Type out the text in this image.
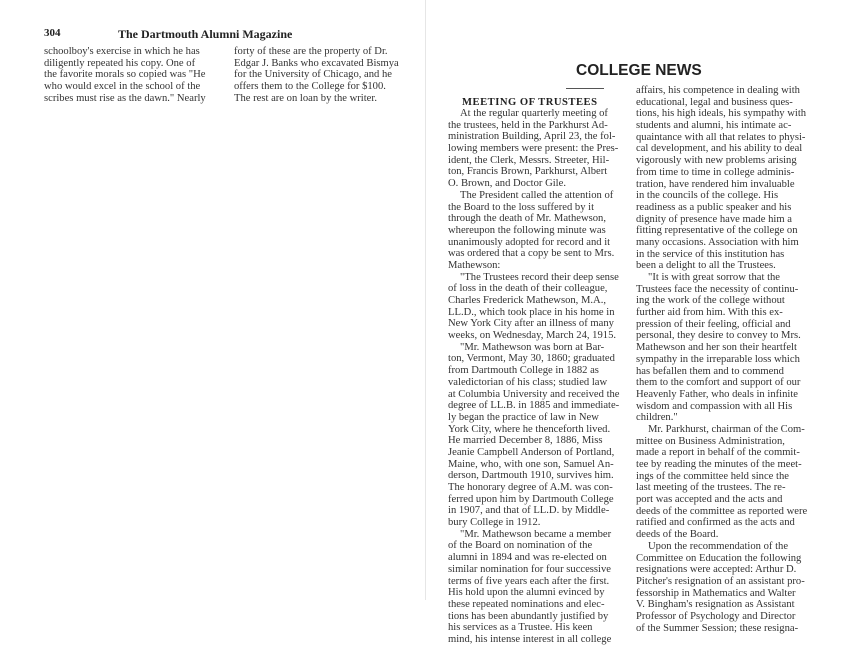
304	The Dartmouth Alumni Magazine
schoolboy's exercise in which he has
diligently repeated his copy. One of
the favorite morals so copied was "He
who would excel in the school of the
scribes must rise as the dawn." Nearly
forty of these are the property of Dr.
Edgar J. Banks who excavated Bismya
for the University of Chicago, and he
offers them to the College for $100.
The rest are on loan by the writer.
COLLEGE NEWS
MEETING OF TRUSTEES
At the regular quarterly meeting of
the trustees, held in the Parkhurst Ad-
ministration Building, April 23, the fol-
lowing members were present: the Pres-
ident, the Clerk, Messrs. Streeter, Hil-
ton, Francis Brown, Parkhurst, Albert
O. Brown, and Doctor Gile.
The President called the attention of
the Board to the loss suffered by it
through the death of Mr. Mathewson,
whereupon the following minute was
unanimously adopted for record and it
was ordered that a copy be sent to Mrs.
Mathewson:
"The Trustees record their deep sense
of loss in the death of their colleague,
Charles Frederick Mathewson, M.A.,
LL.D., which took place in his home in
New York City after an illness of many
weeks, on Wednesday, March 24, 1915.
"Mr. Mathewson was born at Bar-
ton, Vermont, May 30, 1860; graduated
from Dartmouth College in 1882 as
valedictorian of his class; studied law
at Columbia University and received the
degree of LL.B. in 1885 and immediate-
ly began the practice of law in New
York City, where he thenceforth lived.
He married December 8, 1886, Miss
Jeanie Campbell Anderson of Portland,
Maine, who, with one son, Samuel An-
derson, Dartmouth 1910, survives him.
The honorary degree of A.M. was con-
ferred upon him by Dartmouth College
in 1907, and that of LL.D. by Middle-
bury College in 1912.
"Mr. Mathewson became a member
of the Board on nomination of the
alumni in 1894 and was re-elected on
similar nomination for four successive
terms of five years each after the first.
His hold upon the alumni evinced by
these repeated nominations and elec-
tions has been abundantly justified by
his services as a Trustee. His keen
mind, his intense interest in all college
affairs, his competence in dealing with
educational, legal and business ques-
tions, his high ideals, his sympathy with
students and alumni, his intimate ac-
quaintance with all that relates to physi-
cal development, and his ability to deal
vigorously with new problems arising
from time to time in college adminis-
tration, have rendered him invaluable
in the councils of the college. His
readiness as a public speaker and his
dignity of presence have made him a
fitting representative of the college on
many occasions. Association with him
in the service of this institution has
been a delight to all the Trustees.
"It is with great sorrow that the
Trustees face the necessity of continu-
ing the work of the college without
further aid from him. With this ex-
pression of their feeling, official and
personal, they desire to convey to Mrs.
Mathewson and her son their heartfelt
sympathy in the irreparable loss which
has befallen them and to commend
them to the comfort and support of our
Heavenly Father, who deals in infinite
wisdom and compassion with all His
children."
Mr. Parkhurst, chairman of the Com-
mittee on Business Administration,
made a report in behalf of the commit-
tee by reading the minutes of the meet-
ings of the committee held since the
last meeting of the trustees. The re-
port was accepted and the acts and
deeds of the committee as reported were
ratified and confirmed as the acts and
deeds of the Board.
Upon the recommendation of the
Committee on Education the following
resignations were accepted: Arthur D.
Pitcher's resignation of an assistant pro-
fessorship in Mathematics and Walter
V. Bingham's resignation as Assistant
Professor of Psychology and Director
of the Summer Session; these resigna-
